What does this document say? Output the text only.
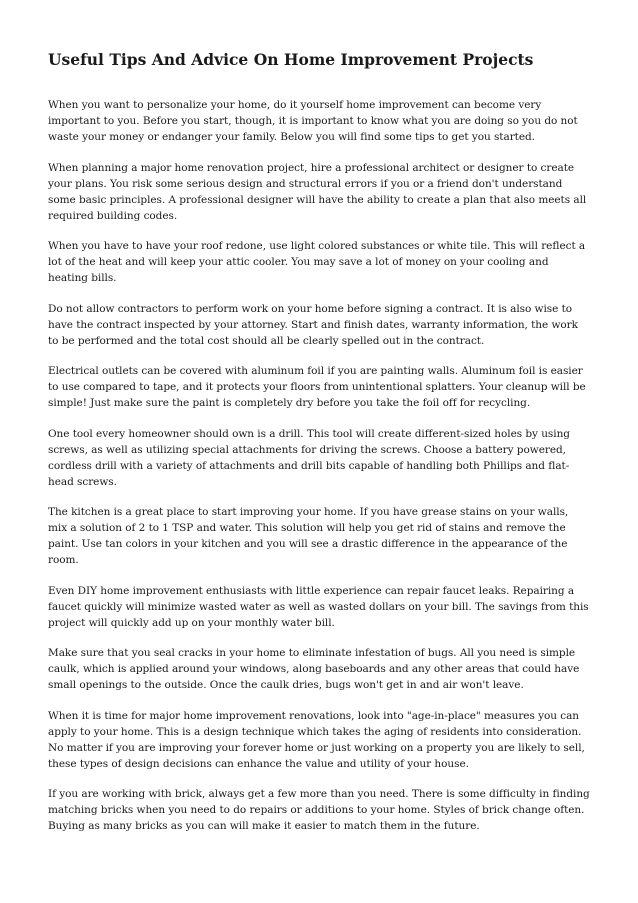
Useful Tips And Advice On Home Improvement Projects

When you want to personalize your home, do it yourself home improvement can become very important to you. Before you start, though, it is important to know what you are doing so you do not waste your money or endanger your family. Below you will find some tips to get you started.

When planning a major home renovation project, hire a professional architect or designer to create your plans. You risk some serious design and structural errors if you or a friend don't understand some basic principles. A professional designer will have the ability to create a plan that also meets all required building codes.

When you have to have your roof redone, use light colored substances or white tile. This will reflect a lot of the heat and will keep your attic cooler. You may save a lot of money on your cooling and heating bills.

Do not allow contractors to perform work on your home before signing a contract. It is also wise to have the contract inspected by your attorney. Start and finish dates, warranty information, the work to be performed and the total cost should all be clearly spelled out in the contract.

Electrical outlets can be covered with aluminum foil if you are painting walls. Aluminum foil is easier to use compared to tape, and it protects your floors from unintentional splatters. Your cleanup will be simple! Just make sure the paint is completely dry before you take the foil off for recycling.

One tool every homeowner should own is a drill. This tool will create different-sized holes by using screws, as well as utilizing special attachments for driving the screws. Choose a battery powered, cordless drill with a variety of attachments and drill bits capable of handling both Phillips and flat-head screws.

The kitchen is a great place to start improving your home. If you have grease stains on your walls, mix a solution of 2 to 1 TSP and water. This solution will help you get rid of stains and remove the paint. Use tan colors in your kitchen and you will see a drastic difference in the appearance of the room.

Even DIY home improvement enthusiasts with little experience can repair faucet leaks. Repairing a faucet quickly will minimize wasted water as well as wasted dollars on your bill. The savings from this project will quickly add up on your monthly water bill.

Make sure that you seal cracks in your home to eliminate infestation of bugs. All you need is simple caulk, which is applied around your windows, along baseboards and any other areas that could have small openings to the outside. Once the caulk dries, bugs won't get in and air won't leave.

When it is time for major home improvement renovations, look into "age-in-place" measures you can apply to your home. This is a design technique which takes the aging of residents into consideration. No matter if you are improving your forever home or just working on a property you are likely to sell, these types of design decisions can enhance the value and utility of your house.

If you are working with brick, always get a few more than you need. There is some difficulty in finding matching bricks when you need to do repairs or additions to your home. Styles of brick change often. Buying as many bricks as you can will make it easier to match them in the future.
